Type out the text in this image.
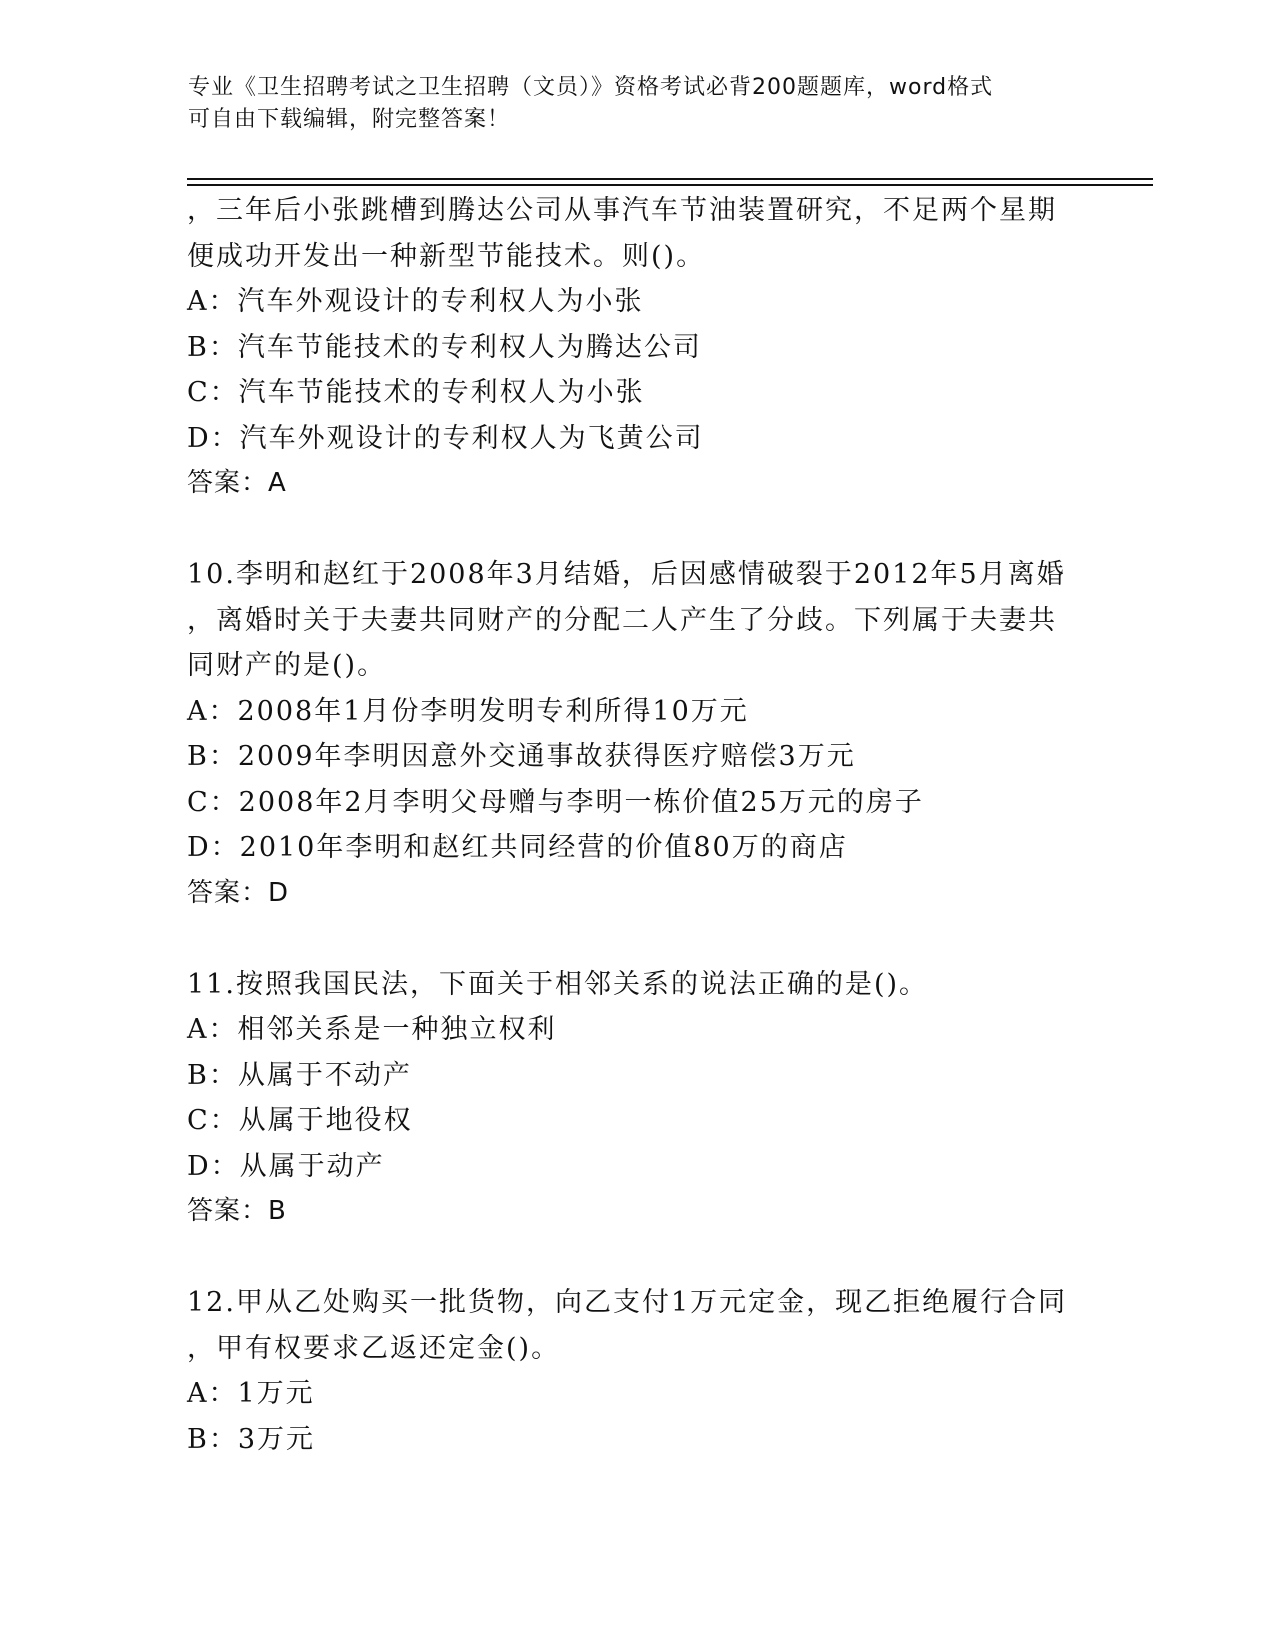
专业《卫生招聘考试之卫生招聘（文员）》资格考试必背200题题库，word格式
可自由下载编辑，附完整答案！
，三年后小张跳槽到腾达公司从事汽车节油装置研究，不足两个星期
便成功开发出一种新型节能技术。则()。
A：汽车外观设计的专利权人为小张
B：汽车节能技术的专利权人为腾达公司
C：汽车节能技术的专利权人为小张
D：汽车外观设计的专利权人为飞黄公司
答案：A
10.李明和赵红于2008年3月结婚，后因感情破裂于2012年5月离婚
，离婚时关于夫妻共同财产的分配二人产生了分歧。下列属于夫妻共
同财产的是()。
A：2008年1月份李明发明专利所得10万元
B：2009年李明因意外交通事故获得医疗赔偿3万元
C：2008年2月李明父母赠与李明一栋价值25万元的房子
D：2010年李明和赵红共同经营的价值80万的商店
答案：D
11.按照我国民法，下面关于相邻关系的说法正确的是()。
A：相邻关系是一种独立权利
B：从属于不动产
C：从属于地役权
D：从属于动产
答案：B
12.甲从乙处购买一批货物，向乙支付1万元定金，现乙拒绝履行合同
，甲有权要求乙返还定金()。
A：1万元
B：3万元
